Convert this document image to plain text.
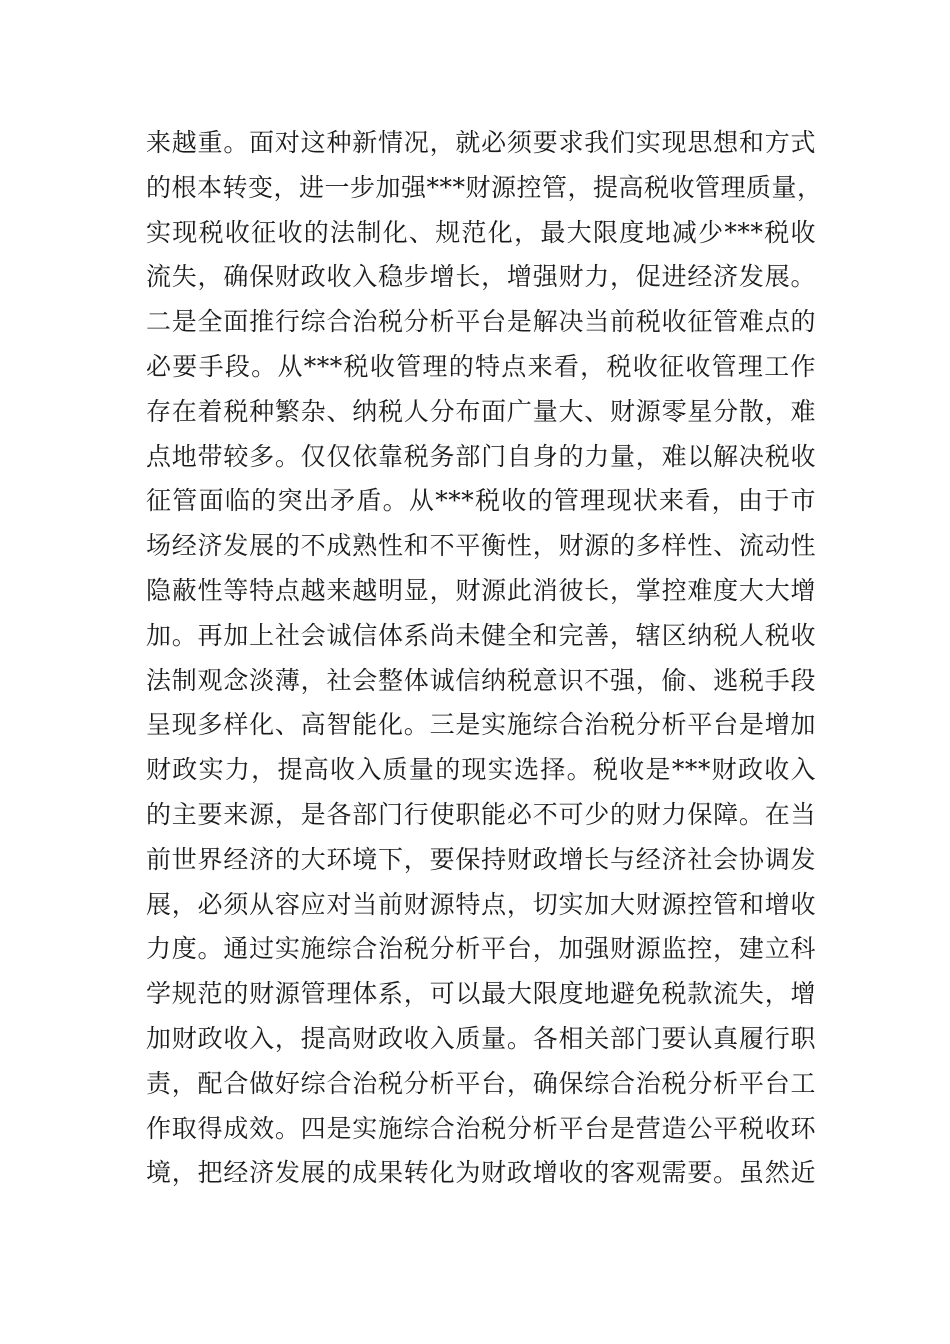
来越重。面对这种新情况，就必须要求我们实现思想和方式
的根本转变，进一步加强***财源控管，提高税收管理质量，
实现税收征收的法制化、规范化，最大限度地减少***税收
流失，确保财政收入稳步增长，增强财力，促进经济发展。
二是全面推行综合治税分析平台是解决当前税收征管难点的
必要手段。从***税收管理的特点来看，税收征收管理工作
存在着税种繁杂、纳税人分布面广量大、财源零星分散，难
点地带较多。仅仅依靠税务部门自身的力量，难以解决税收
征管面临的突出矛盾。从***税收的管理现状来看，由于市
场经济发展的不成熟性和不平衡性，财源的多样性、流动性
隐蔽性等特点越来越明显，财源此消彼长，掌控难度大大增
加。再加上社会诚信体系尚未健全和完善，辖区纳税人税收
法制观念淡薄，社会整体诚信纳税意识不强，偷、逃税手段
呈现多样化、高智能化。三是实施综合治税分析平台是增加
财政实力，提高收入质量的现实选择。税收是***财政收入
的主要来源，是各部门行使职能必不可少的财力保障。在当
前世界经济的大环境下，要保持财政增长与经济社会协调发
展，必须从容应对当前财源特点，切实加大财源控管和增收
力度。通过实施综合治税分析平台，加强财源监控，建立科
学规范的财源管理体系，可以最大限度地避免税款流失，增
加财政收入，提高财政收入质量。各相关部门要认真履行职
责，配合做好综合治税分析平台，确保综合治税分析平台工
作取得成效。四是实施综合治税分析平台是营造公平税收环
境，把经济发展的成果转化为财政增收的客观需要。虽然近
